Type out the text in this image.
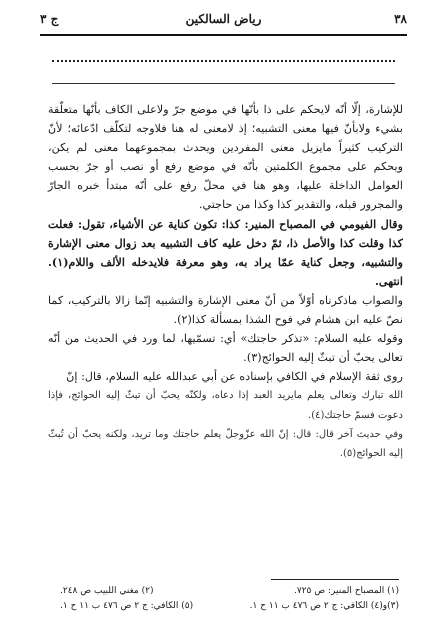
٣٨
رياض السالكين
ج ٣

للإشارة، إلّا أنّه لايحكم على ذا بأنّها في موضع جرّ ولاعلى الكاف بأنّها متعلّقة بشيء ولابأنّ فيها معنى التشبيه؛ إذ لامعنى له هنا فلاوجه لتكلّف ادّعائه؛ لأنّ التركيب كثيراً مايزيل معنى المفردين ويحدث بمجموعهما معنى لم يكن، ويحكم على مجموع الكلمتين بأنّه في موضع رفع أو نصب أو جرّ بحسب العوامل الداخلة عليها، وهو هنا في محلّ رفع على أنّه مبتدأ خبره الجارّ والمجرور قبله، والتقدير كذا وكذا من حاجتي.

وقال الفيومي في المصباح المنير: كذا: تكون كناية عن الأشياء، تقول: فعلت كذا وقلت كذا والأصل ذا، ثمّ دخل عليه كاف التشبيه بعد زوال معنى الإشارة والتشبيه، وجعل كناية عمّا يراد به، وهو معرفة فلايدخله الألف واللام(١). انتهى.

والصواب ماذكرناه أوّلاً من أنّ معنى الإشارة والتشبيه إنّما زالا بالتركيب، كما نصّ عليه ابن هشام في فوح الشذا بمسألة كذا(٢).

وقوله عليه السلام: «تذكر حاجتك» أي: تسمّيها، لما ورد في الحديث من أنّه تعالى يحبّ أن تبثّ إليه الحوائج(٣).

روى ثقة الإسلام في الكافي بإسناده عن أبي عبدالله عليه السلام، قال: إنّ

الله تبارك وتعالى يعلم مايريد العبد إذا دعاه، ولكنّه يحبّ أن تبثّ إليه الحوائج، فإذا دعوت فسمّ حاجتك(٤).

وفي حديث آخر قال: قال: إنّ الله عزّوجلّ يعلم حاجتك وما تريد، ولكنه يحبّ أن تُبثّ إليه الحوائج(٥).

(١) المصباح المنير: ص ٧٢٥.
(٢) مغني اللبيب ص ٢٤٨.
(٣)و(٤) الكافي: ج ٢ ص ٤٧٦ ب ١١ ح ١.
(٥) الكافي: ج ٢ ص ٤٧٦ ب ١١ ح ١.
